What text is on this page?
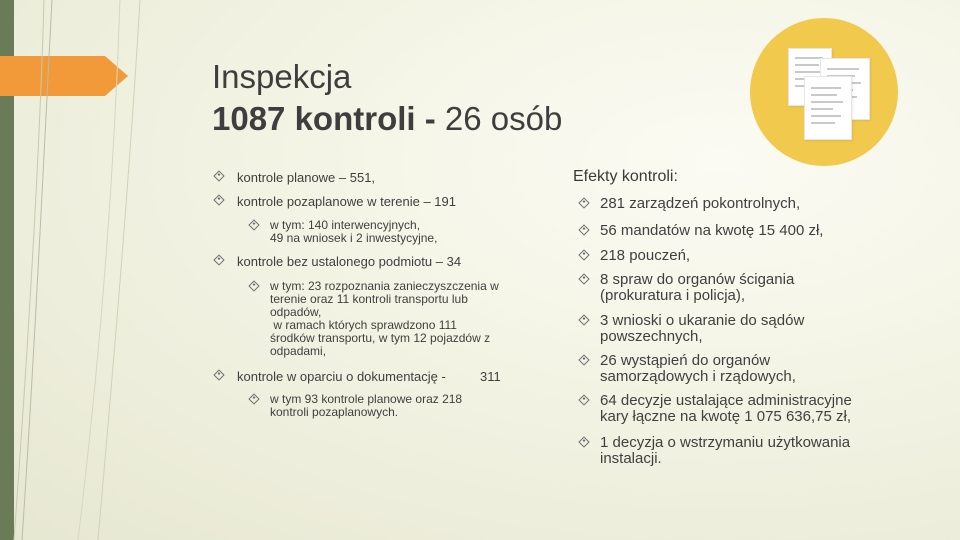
Inspekcja
1087 kontroli - 26 osób
kontrole planowe – 551,
kontrole pozaplanowe w terenie – 191
w tym: 140 interwencyjnych,
49 na wniosek i 2 inwestycyjne,
kontrole bez ustalonego podmiotu – 34
w tym: 23 rozpoznania zanieczyszczenia w
terenie oraz 11 kontroli transportu lub
odpadów,
w ramach których sprawdzono 111
środków transportu, w tym 12 pojazdów z
odpadami,
kontrole w oparciu o dokumentację -	311
w tym 93 kontrole planowe oraz 218
kontroli pozaplanowych.
Efekty kontroli:
281 zarządzeń pokontrolnych,
56 mandatów na kwotę 15 400 zł,
218 pouczeń,
8 spraw do organów ścigania
(prokuratura i policja),
3 wnioski o ukaranie do sądów
powszechnych,
26 wystąpień do organów
samorządowych i rządowych,
64 decyzje ustalające administracyjne
kary łączne na kwotę 1 075 636,75 zł,
1 decyzja o wstrzymaniu użytkowania
instalacji.
